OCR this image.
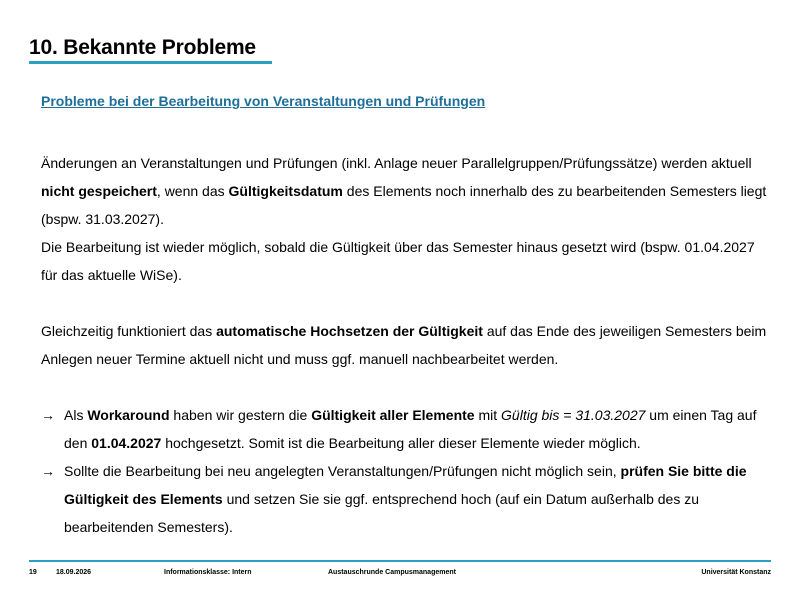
10. Bekannte Probleme
Probleme bei der Bearbeitung von Veranstaltungen und Prüfungen

Änderungen an Veranstaltungen und Prüfungen (inkl. Anlage neuer Parallelgruppen/Prüfungssätze) werden aktuell nicht gespeichert, wenn das Gültigkeitsdatum des Elements noch innerhalb des zu bearbeitenden Semesters liegt (bspw. 31.03.2027).

Die Bearbeitung ist wieder möglich, sobald die Gültigkeit über das Semester hinaus gesetzt wird (bspw. 01.04.2027 für das aktuelle WiSe).

Gleichzeitig funktioniert das automatische Hochsetzen der Gültigkeit auf das Ende des jeweiligen Semesters beim Anlegen neuer Termine aktuell nicht und muss ggf. manuell nachbearbeitet werden.

→ Als Workaround haben wir gestern die Gültigkeit aller Elemente mit Gültig bis = 31.03.2027 um einen Tag auf den 01.04.2027 hochgesetzt. Somit ist die Bearbeitung aller dieser Elemente wieder möglich.
→ Sollte die Bearbeitung bei neu angelegten Veranstaltungen/Prüfungen nicht möglich sein, prüfen Sie bitte die Gültigkeit des Elements und setzen Sie sie ggf. entsprechend hoch (auf ein Datum außerhalb des zu bearbeitenden Semesters).
19	18.09.2026	Informationsklasse: Intern	Austauschrunde Campusmanagement	Universität Konstanz
